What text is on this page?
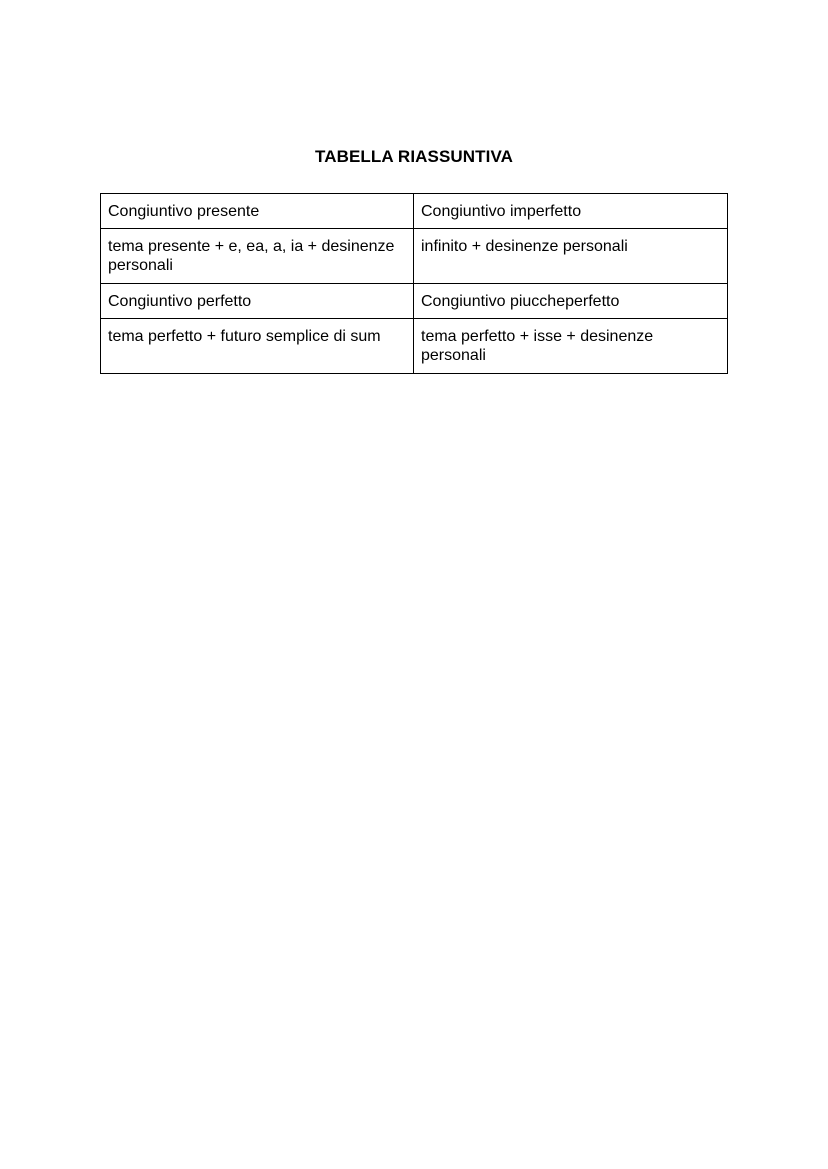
TABELLA RIASSUNTIVA
Congiuntivo presente	Congiuntivo imperfetto
tema presente + e, ea, a, ia + desinenze personali	infinito + desinenze personali
Congiuntivo perfetto	Congiuntivo piuccheperfetto
tema perfetto + futuro semplice di sum	tema perfetto + isse + desinenze personali
